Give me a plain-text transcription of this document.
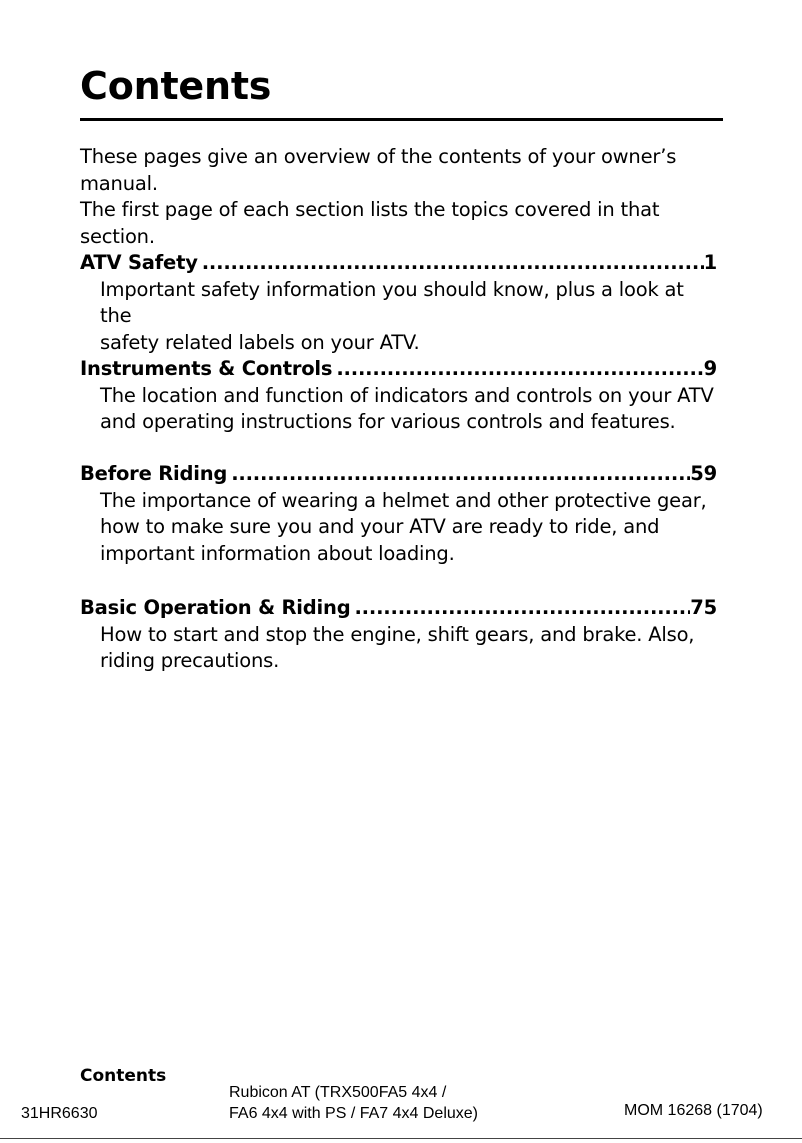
Contents

These pages give an overview of the contents of your owner’s

manual.

The first page of each section lists the topics covered in that section.

ATV Safety .....	1
Important safety information you should know, plus a look at the
safety related labels on your ATV.
Instruments & Controls .....	9
The location and function of indicators and controls on your ATV
and operating instructions for various controls and features.
Before Riding .....	59
The importance of wearing a helmet and other protective gear,
how to make sure you and your ATV are ready to ride, and
important information about loading.
Basic Operation & Riding .....	75
How to start and stop the engine, shift gears, and brake. Also,
riding precautions.
Contents
31HR6630
Rubicon AT (TRX500FA5 4x4 /
FA6 4x4 with PS / FA7 4x4 Deluxe)	MOM 16268 (1704)
